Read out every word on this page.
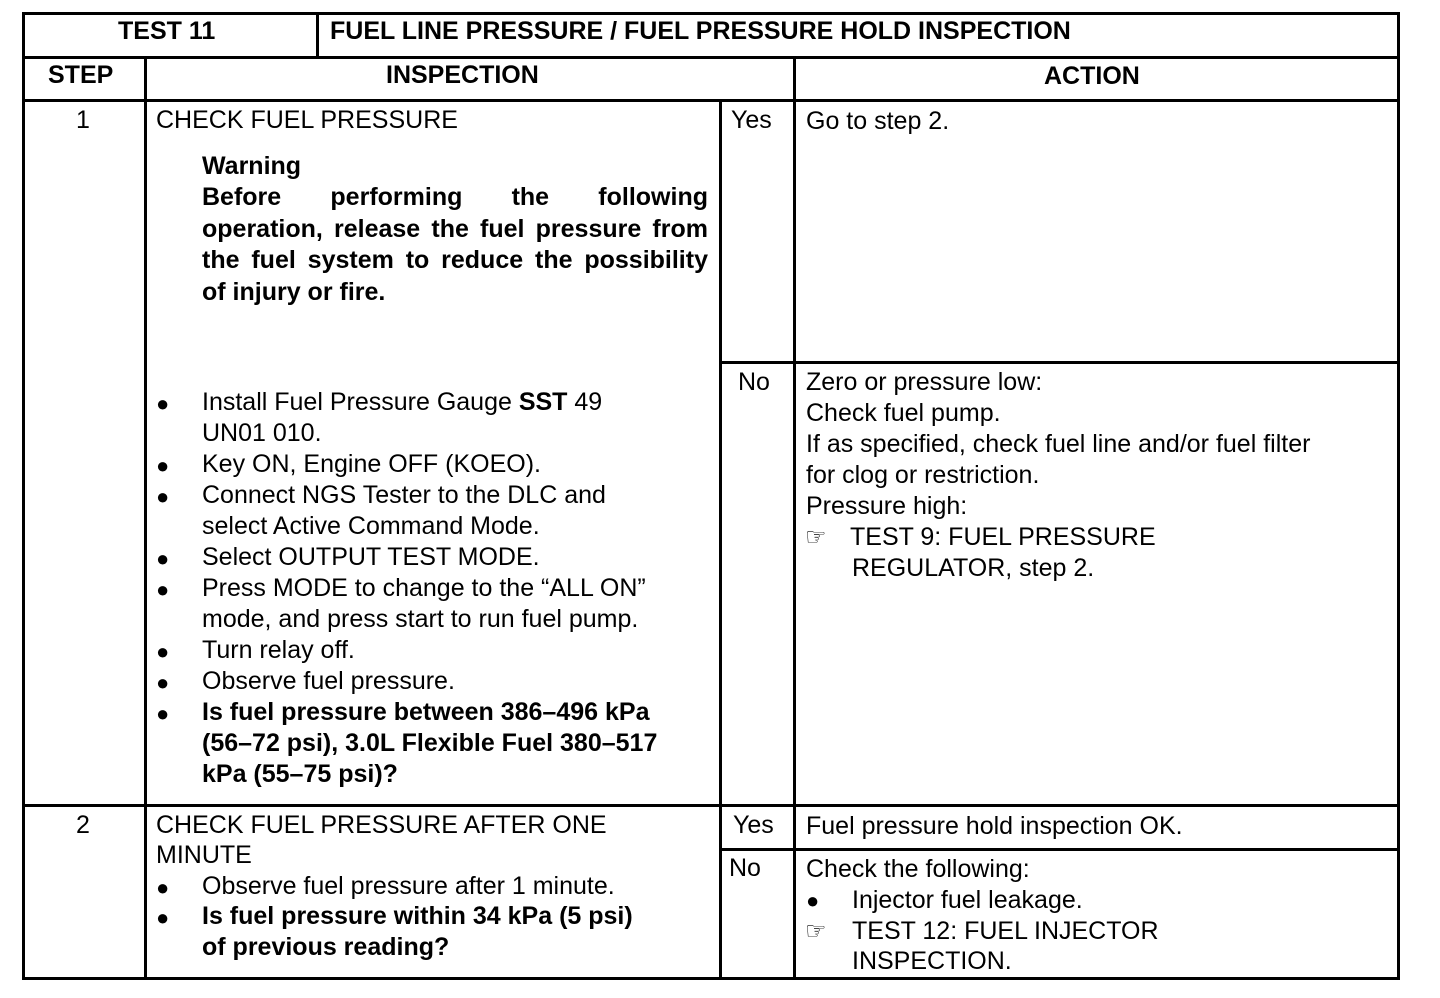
TEST 11	FUEL LINE PRESSURE / FUEL PRESSURE HOLD INSPECTION
STEP	INSPECTION	ACTION
1	CHECK FUEL PRESSURE
Warning
Before performing the following operation, release the fuel pressure from the fuel system to reduce the possibility of injury or fire.
● Install Fuel Pressure Gauge SST 49
UN01 010.
● Key ON, Engine OFF (KOEO).
● Connect NGS Tester to the DLC and
select Active Command Mode.
● Select OUTPUT TEST MODE.
● Press MODE to change to the “ALL ON”
mode, and press start to run fuel pump.
● Turn relay off.
● Observe fuel pressure.
● Is fuel pressure between 386–496 kPa
(56–72 psi), 3.0L Flexible Fuel 380–517
kPa (55–75 psi)?
Yes Go to step 2.
No Zero or pressure low:
Check fuel pump.
If as specified, check fuel line and/or fuel filter
for clog or restriction.
Pressure high:
☞ TEST 9: FUEL PRESSURE
REGULATOR, step 2.
2	CHECK FUEL PRESSURE AFTER ONE
MINUTE
● Observe fuel pressure after 1 minute.
● Is fuel pressure within 34 kPa (5 psi)
of previous reading?
Yes Fuel pressure hold inspection OK.
No Check the following:
● Injector fuel leakage.
☞ TEST 12: FUEL INJECTOR
INSPECTION.
